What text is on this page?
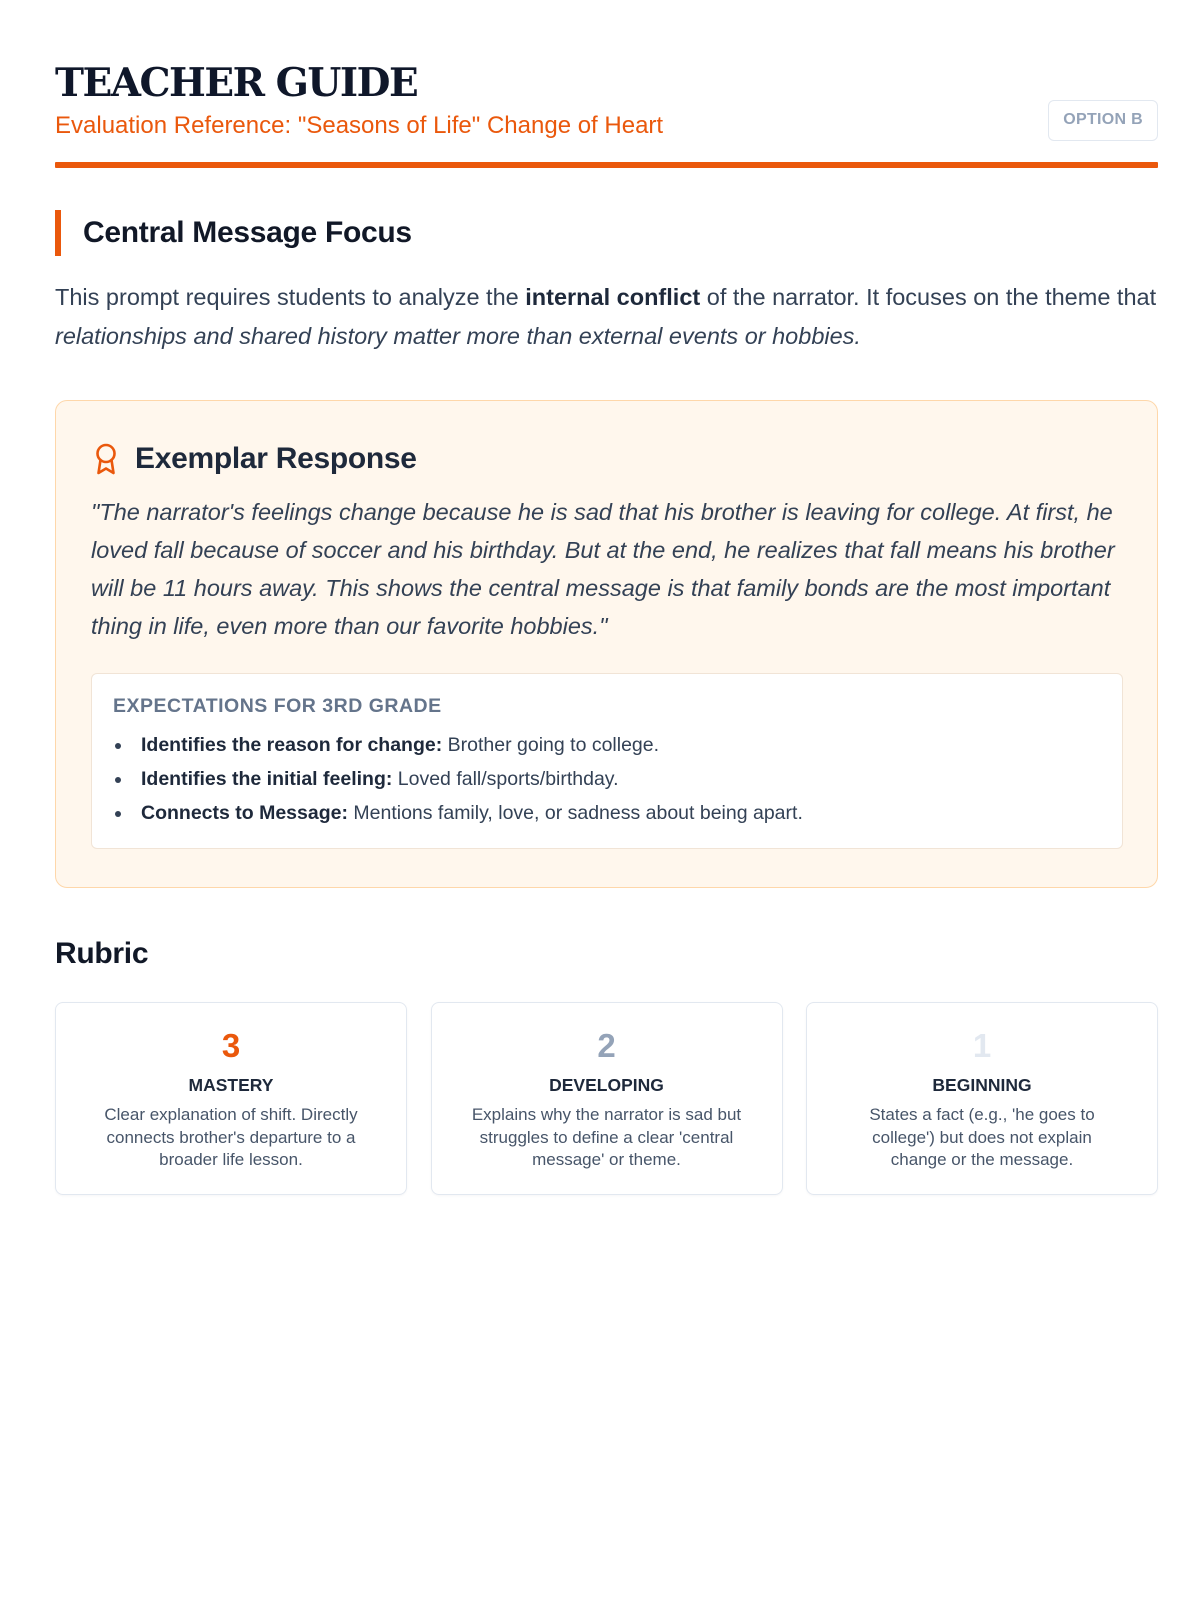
TEACHER GUIDE
Evaluation Reference: "Seasons of Life" Change of Heart	OPTION B
Central Message Focus

This prompt requires students to analyze the internal conflict of the narrator. It focuses on the theme that relationships and shared history matter more than external events or hobbies.

Exemplar Response

"The narrator's feelings change because he is sad that his brother is leaving for college. At first, he loved fall because of soccer and his birthday. But at the end, he realizes that fall means his brother will be 11 hours away. This shows the central message is that family bonds are the most important thing in life, even more than our favorite hobbies."

EXPECTATIONS FOR 3RD GRADE
Identifies the reason for change: Brother going to college.
Identifies the initial feeling: Loved fall/sports/birthday.
Connects to Message: Mentions family, love, or sadness about being apart.
Rubric
3
MASTERY

Clear explanation of shift. Directly connects brother's departure to a broader life lesson.

2
DEVELOPING

Explains why the narrator is sad but struggles to define a clear 'central message' or theme.

1
BEGINNING

States a fact (e.g., 'he goes to college') but does not explain change or the message.
